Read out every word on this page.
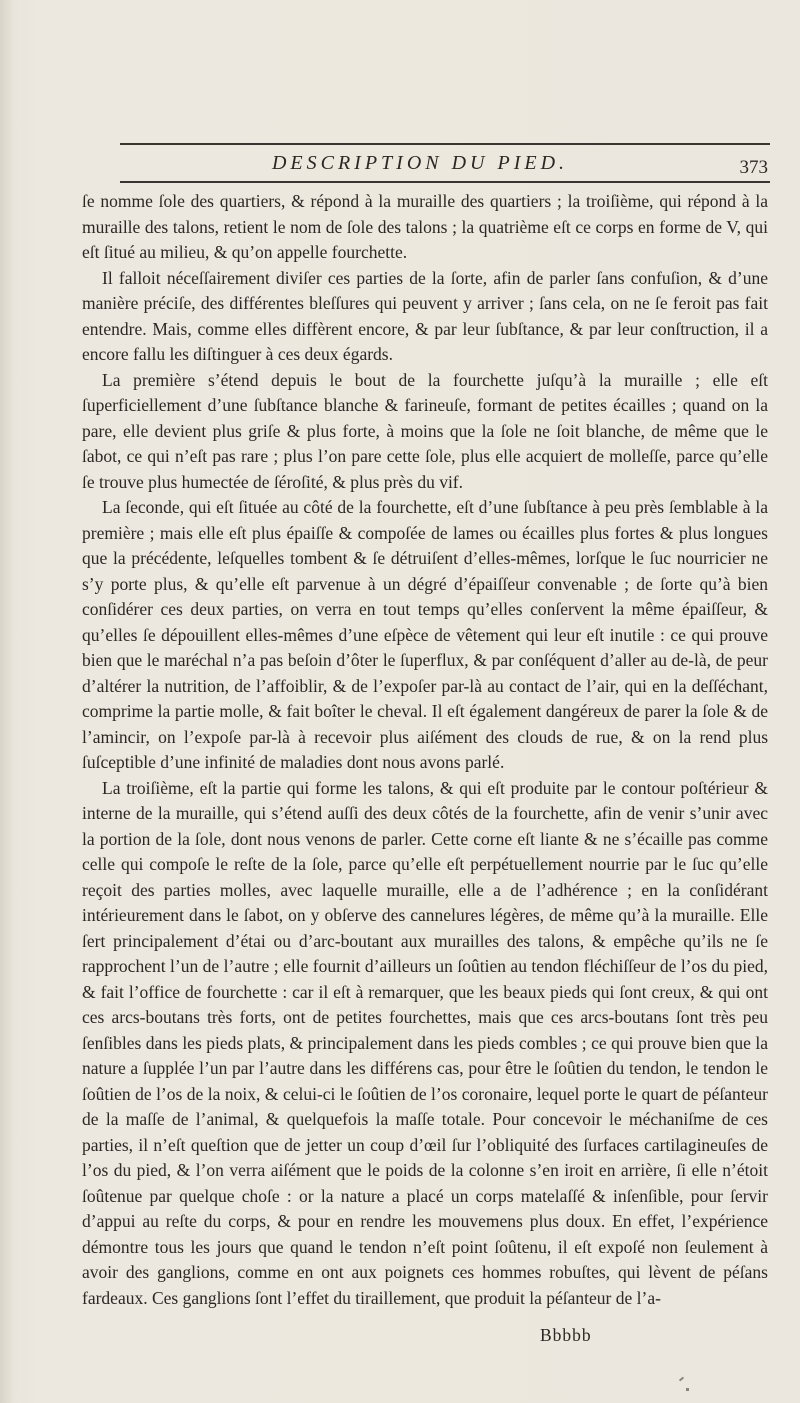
DESCRIPTION DU PIED.	373

ſe nomme ſole des quartiers, & répond à la muraille des quartiers ; la troiſième, qui répond à la muraille des talons, retient le nom de ſole des talons ; la quatrième eſt ce corps en forme de V, qui eſt ſitué au milieu, & qu’on appelle fourchette.

Il falloit néceſſairement diviſer ces parties de la ſorte, afin de parler ſans confuſion, & d’une manière préciſe, des différentes bleſſures qui peuvent y arriver ; ſans cela, on ne ſe feroit pas fait entendre. Mais, comme elles diffèrent encore, & par leur ſubſtance, & par leur conſtruction, il a encore fallu les diſtinguer à ces deux égards.

La première s’étend depuis le bout de la fourchette juſqu’à la muraille ; elle eſt ſuperficiellement d’une ſubſtance blanche & farineuſe, formant de petites écailles ; quand on la pare, elle devient plus griſe & plus forte, à moins que la ſole ne ſoit blanche, de même que le ſabot, ce qui n’eſt pas rare ; plus l’on pare cette ſole, plus elle acquiert de molleſſe, parce qu’elle ſe trouve plus humectée de ſéroſité, & plus près du vif.

La ſeconde, qui eſt ſituée au côté de la fourchette, eſt d’une ſubſtance à peu près ſemblable à la première ; mais elle eſt plus épaiſſe & compoſée de lames ou écailles plus fortes & plus longues que la précédente, leſquelles tombent & ſe détruiſent d’elles-mêmes, lorſque le ſuc nourricier ne s’y porte plus, & qu’elle eſt parvenue à un dégré d’épaiſſeur convenable ; de ſorte qu’à bien conſidérer ces deux parties, on verra en tout temps qu’elles conſervent la même épaiſſeur, & qu’elles ſe dépouillent elles-mêmes d’une eſpèce de vêtement qui leur eſt inutile : ce qui prouve bien que le maréchal n’a pas beſoin d’ôter le ſuperflux, & par conſéquent d’aller au de-là, de peur d’altérer la nutrition, de l’affoiblir, & de l’expoſer par-là au contact de l’air, qui en la deſſéchant, comprime la partie molle, & fait boîter le cheval. Il eſt également dangéreux de parer la ſole & de l’amincir, on l’expoſe par-là à recevoir plus aiſément des clouds de rue, & on la rend plus ſuſceptible d’une infinité de maladies dont nous avons parlé.

La troiſième, eſt la partie qui forme les talons, & qui eſt produite par le contour poſtérieur & interne de la muraille, qui s’étend auſſi des deux côtés de la fourchette, afin de venir s’unir avec la portion de la ſole, dont nous venons de parler. Cette corne eſt liante & ne s’écaille pas comme celle qui compoſe le reſte de la ſole, parce qu’elle eſt perpétuellement nourrie par le ſuc qu’elle reçoit des parties molles, avec laquelle muraille, elle a de l’adhérence ; en la conſidérant intérieurement dans le ſabot, on y obſerve des cannelures légères, de même qu’à la muraille. Elle ſert principalement d’étai ou d’arc-boutant aux murailles des talons, & empêche qu’ils ne ſe rapprochent l’un de l’autre ; elle fournit d’ailleurs un ſoûtien au tendon fléchiſſeur de l’os du pied, & fait l’office de fourchette : car il eſt à remarquer, que les beaux pieds qui ſont creux, & qui ont ces arcs-boutans très forts, ont de petites fourchettes, mais que ces arcs-boutans ſont très peu ſenſibles dans les pieds plats, & principalement dans les pieds combles ; ce qui prouve bien que la nature a ſupplée l’un par l’autre dans les différens cas, pour être le ſoûtien du tendon, le tendon le ſoûtien de l’os de la noix, & celui-ci le ſoûtien de l’os coronaire, lequel porte le quart de péſanteur de la maſſe de l’animal, & quelquefois la maſſe totale. Pour concevoir le méchaniſme de ces parties, il n’eſt queſtion que de jetter un coup d’œil ſur l’obliquité des ſurfaces cartilagineuſes de l’os du pied, & l’on verra aiſément que le poids de la colonne s’en iroit en arrière, ſi elle n’étoit ſoûtenue par quelque choſe : or la nature a placé un corps matelaſſé & inſenſible, pour ſervir d’appui au reſte du corps, & pour en rendre les mouvemens plus doux. En effet, l’expérience démontre tous les jours que quand le tendon n’eſt point ſoûtenu, il eſt expoſé non ſeulement à avoir des ganglions, comme en ont aux poignets ces hommes robuſtes, qui lèvent de péſans fardeaux. Ces ganglions ſont l’effet du tiraillement, que produit la péſanteur de l’a-

Bbbbb
